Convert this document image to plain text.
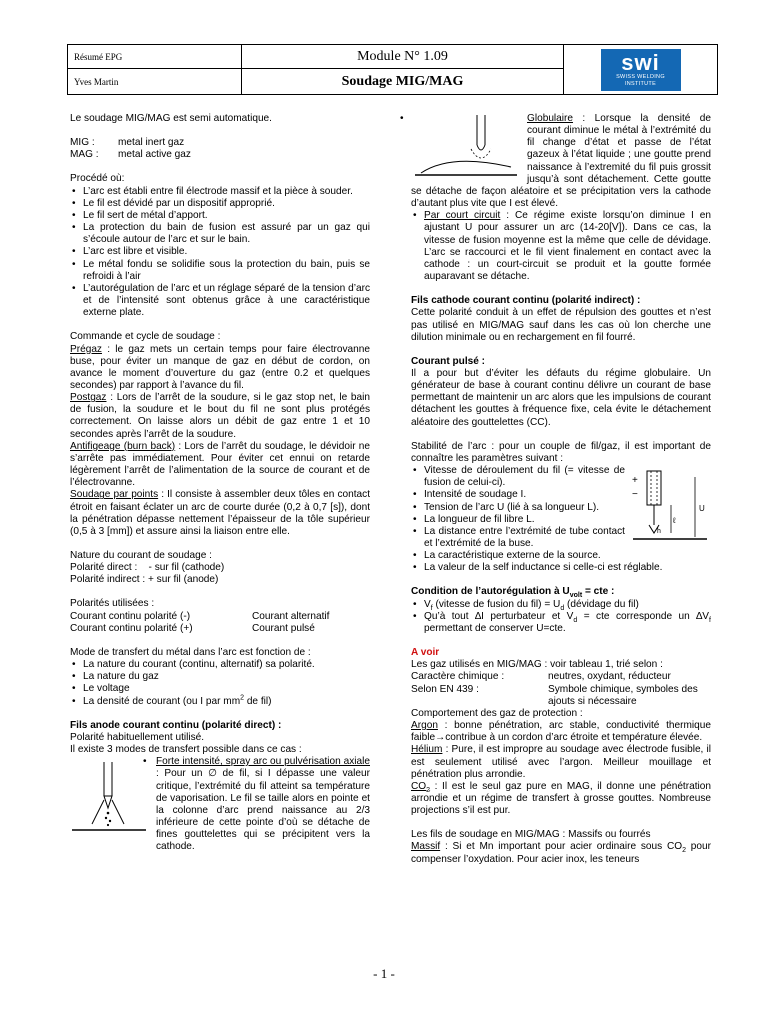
Résumé EPG	Module N° 1.09
Yves Martin	Soudage MIG/MAG
swi
SWISS WELDING
INSTITUTE

Le soudage MIG/MAG est semi automatique.

MIG :	metal inert gaz
MAG :	metal active gaz

Procédé où:

• L’arc est établi entre fil électrode massif et la pièce à souder.
• Le fil est dévidé par un dispositif approprié.
• Le fil sert de métal d’apport.
• La protection du bain de fusion est assuré par un gaz qui s’écoule autour de l’arc et sur le bain.
• L’arc est libre et visible.
• Le métal fondu se solidifie sous la protection du bain, puis se refroidi à l’air
• L’autorégulation de l’arc et un réglage séparé de la tension d’arc et de l’intensité sont obtenus grâce à une caractéristique externe plate.

Commande et cycle de soudage :

Prégaz : le gaz mets un certain temps pour faire électrovanne buse, pour éviter un manque de gaz en début de cordon, on avance le moment d’ouverture du gaz (entre 0.2 et quelques secondes) par rapport à l’avance du fil.

Postgaz : Lors de l’arrêt de la soudure, si le gaz stop net, le bain de fusion, la soudure et le bout du fil ne sont plus protégés correctement. On laisse alors un débit de gaz entre 1 et 10 secondes après l’arrêt de la soudure.

Antifigeage (burn back) : Lors de l’arrêt du soudage, le dévidoir ne s’arrête pas immédiatement. Pour éviter cet ennui on retarde légèrement l’arrêt de l’alimentation de la source de courant et de l’électrovanne.

Soudage par points : Il consiste à assembler deux tôles en contact étroit en faisant éclater un arc de courte durée (0,2 à 0,7 [s]), dont la pénétration dépasse nettement l’épaisseur de la tôle supérieur (0,5 à 3 [mm]) et assure ainsi la liaison entre elle.

Nature du courant de soudage :

Polarité direct :    - sur fil (cathode)

Polarité indirect : + sur fil (anode)

Polarités utilisées :

Courant continu polarité (-)	Courant alternatif
Courant continu polarité (+)	Courant pulsé

Mode de transfert du métal dans l’arc est fonction de :

• La nature du courant (continu, alternatif) sa polarité.
• La nature du gaz
• Le voltage
• La densité de courant (ou I par $mm^2$ de fil)

Fils anode courant continu (polarité direct) :

Polarité habituellement utilisé.

Il existe 3 modes de transfert possible dans ce cas :

• Forte intensité, spray arc ou pulvérisation axiale : Pour un ∅ de fil, si I dépasse une valeur critique, l’extrémité du fil atteint sa température de vaporisation. Le fil se taille alors en pointe et la colonne d’arc prend naissance au 2/3 inférieure de cette pointe d’où se détache de fines gouttelettes qui se précipitent vers la cathode.

•	Globulaire : Lorsque la densité de courant diminue le métal à l’extrémité du fil change d’état et passe de l’état gazeux à l’état liquide ; une goutte prend naissance à l’extremité du fil puis grossit jusqu’à sont détachement. Cette goutte se détache de façon aléatoire et se précipitation vers la cathode d’autant plus vite que I est élevé.

• Par court circuit : Ce régime existe lorsqu’on diminue I en ajustant U pour assurer un arc (14-20[V]). Dans ce cas, la vitesse de fusion moyenne est la même que celle de dévidage. L’arc se raccourci et le fil vient finalement en contact avec la cathode : un court-circuit se produit et la goutte formée auparavant se détache.

Fils cathode courant continu (polarité indirect) :

Cette polarité conduit à un effet de répulsion des gouttes et n’est pas utilisé en MIG/MAG sauf dans les cas où lon cherche une dilution minimale ou en rechargement en fil fourré.

Courant pulsé :

Il a pour but d’éviter les défauts du régime globulaire. Un générateur de base à courant continu délivre un courant de base permettant de maintenir un arc alors que les impulsions de courant détachent les gouttes à fréquence fixe, cela évite le détachement aléatoire des gouttelettes (CC).

Stabilité de l’arc : pour un couple de fil/gaz, il est important de connaître les paramètres suivant :

+
−
U
ℓ
h
• Vitesse de déroulement du fil (= vitesse de fusion de celui-ci).
• Intensité de soudage I.
• Tension de l’arc U (lié à sa longueur L).
• La longueur de fil libre L.
• La distance entre l’extrémité de tube contact et l’extrémité de la buse.
• La caractéristique externe de la source.
• La valeur de la self inductance si celle-ci est réglable.

Condition de l’autorégulation à $U_{volt}$ = cte :

• $V_f$ (vitesse de fusion du $fil) = U_d$ (dévidage du fil)
• Qu’à tout ∆I perturbateur et $V_d$ = cte corresponde un $\Delta V_f$ permettant de conserver U=cte.

A voir

Les gaz utilisés en MIG/MAG : voir tableau 1, trié selon :

Caractère chimique :	neutres, oxydant, réducteur
Selon EN 439 :	Symbole chimique, symboles des ajouts si nécessaire

Comportement des gaz de protection :

Argon : bonne pénétration, arc stable, conductivité thermique faible→contribue à un cordon d’arc étroite et température élevée.

Hélium : Pure, il est impropre au soudage avec électrode fusible, il est seulement utilisé avec l’argon. Meilleur mouillage et pénétration plus arrondie.

$CO_2$ : Il est le seul gaz pure en MAG, il donne une pénétration arrondie et un régime de transfert à grosse gouttes. Nombreuse projections s’il est pur.

Les fils de soudage en MIG/MAG : Massifs ou fourrés

Massif : Si et Mn important pour acier ordinaire sous $CO_2$ pour compenser l’oxydation. Pour acier inox, les teneurs

- 1 -
